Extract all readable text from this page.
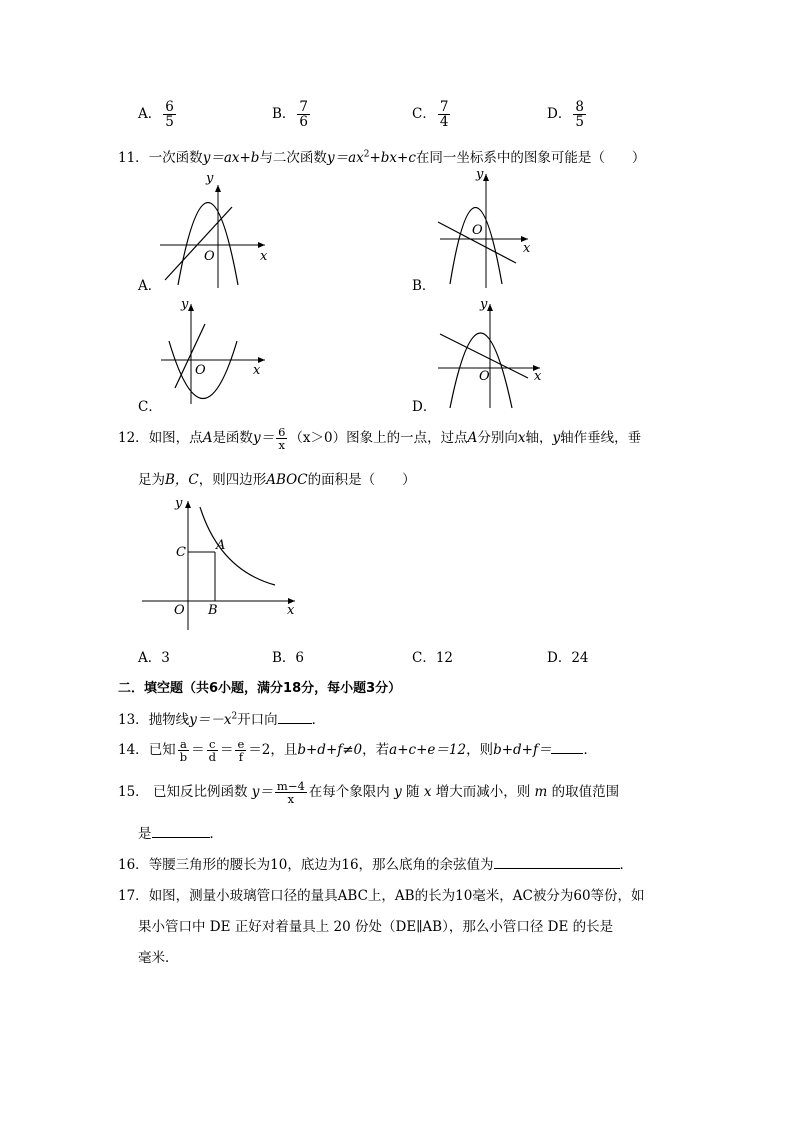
A． $\frac{6}{5}$	B． $\frac{7}{6}$	C． $\frac{7}{4}$	D． $\frac{8}{5}$
11．一次函数y＝ax+b与二次函数$y=ax^2+bx+c$在同一坐标系中的图象可能是（　　）
y
x
O
A．
y
x
O
B．
y
x
O
C．
y
x
O
D．
12．如图，点A是函数$y= \frac{6}{x} (x>0)$图象上的一点，过点A分别向x轴，y轴作垂线，垂
足为B，C，则四边形ABOC的面积是（　　）
y
x
C A
O B
A．3	B．6	C．12	D．24
二．填空题（共6小题，满分18分，每小题3分）
13．抛物线$y=-x^2$开口向	．
14．已知 $\frac{a}{b} = \frac{c}{d} = \frac{e}{f} =2$，且b+d+f≠0，若a+c+e＝12，则b+d+f＝ ．
15． 已知反比例函数 $y= \frac{m-4}{x}$ 在每个象限内 y 随 x 增大而减小，则 m 的取值范围
是	．
16．等腰三角形的腰长为10，底边为16，那么底角的余弦值为	．
17．如图，测量小玻璃管口径的量具ABC上，AB的长为10毫米，AC被分为60等份，如
果小管口中 DE 正好对着量具上 20 份处（DE∥AB），那么小管口径 DE 的长是
毫米．
